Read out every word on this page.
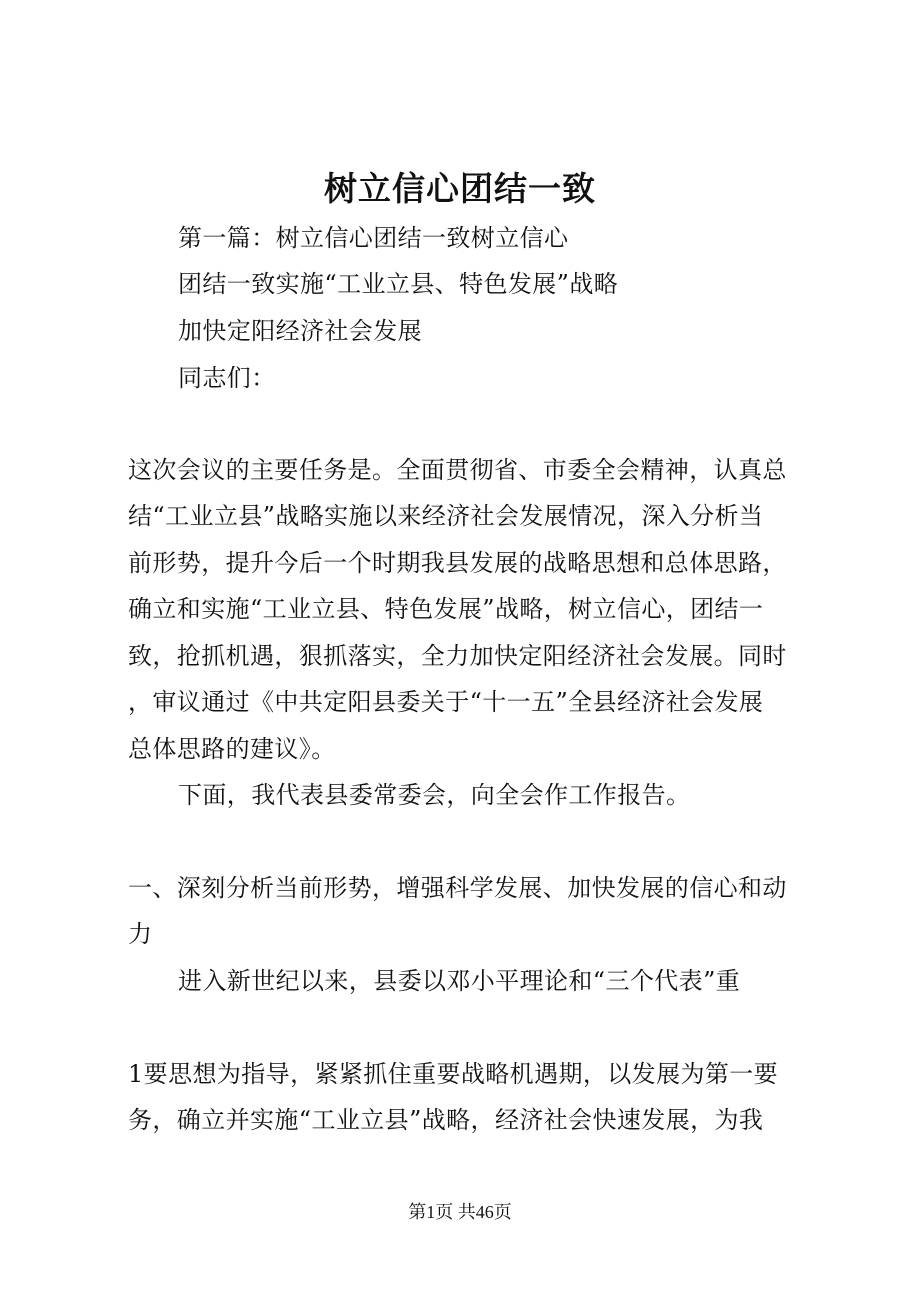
树立信心团结一致
第一篇：树立信心团结一致树立信心
团结一致实施“工业立县、特色发展”战略
加快定阳经济社会发展
同志们：
这次会议的主要任务是。全面贯彻省、市委全会精神，认真总
结“工业立县”战略实施以来经济社会发展情况，深入分析当
前形势，提升今后一个时期我县发展的战略思想和总体思路，
确立和实施“工业立县、特色发展”战略，树立信心，团结一
致，抢抓机遇，狠抓落实，全力加快定阳经济社会发展。同时
，审议通过《中共定阳县委关于“十一五”全县经济社会发展
总体思路的建议》。
下面，我代表县委常委会，向全会作工作报告。
一、深刻分析当前形势，增强科学发展、加快发展的信心和动
力
进入新世纪以来，县委以邓小平理论和“三个代表”重
1要思想为指导，紧紧抓住重要战略机遇期，以发展为第一要
务，确立并实施“工业立县”战略，经济社会快速发展，为我
第1页 共46页
